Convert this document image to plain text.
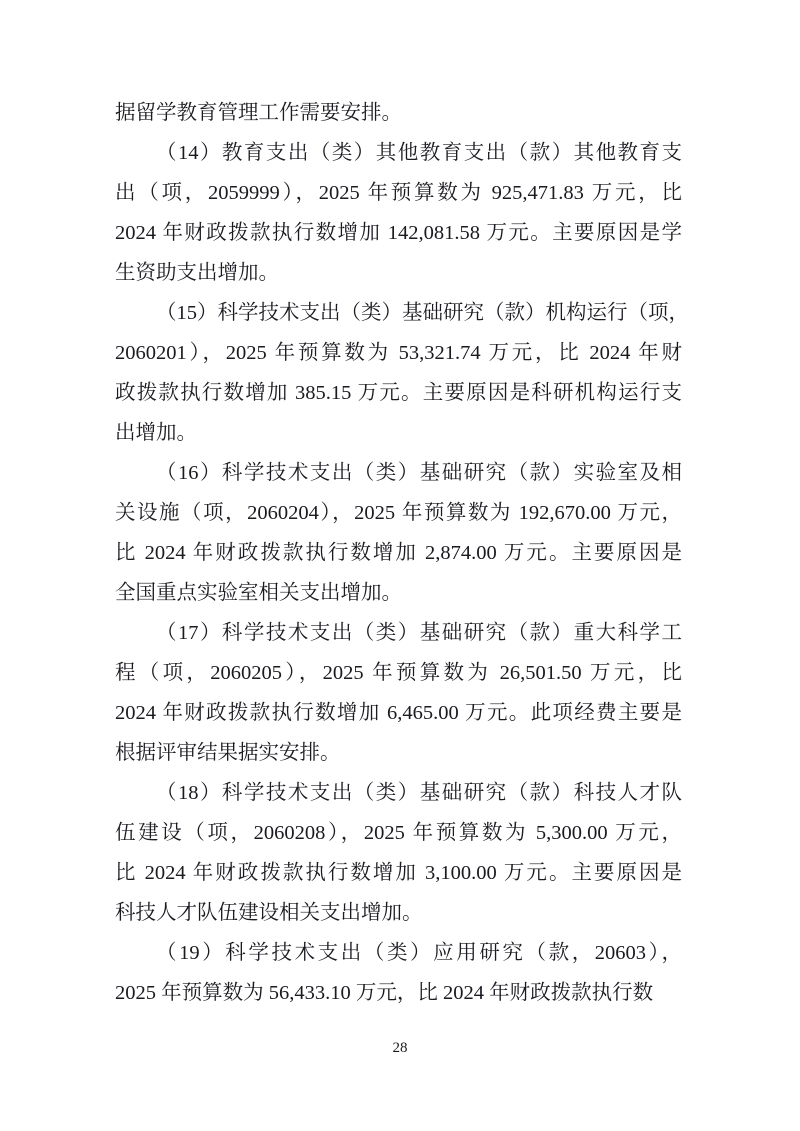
据留学教育管理工作需要安排。
（14）教育支出（类）其他教育支出（款）其他教育支
出（项，2059999），2025 年预算数为 925,471.83 万元，比
2024 年财政拨款执行数增加 142,081.58 万元。主要原因是学
生资助支出增加。
（15）科学技术支出（类）基础研究（款）机构运行（项，
2060201），2025 年预算数为 53,321.74 万元，比 2024 年财
政拨款执行数增加 385.15 万元。主要原因是科研机构运行支
出增加。
（16）科学技术支出（类）基础研究（款）实验室及相
关设施（项，2060204），2025 年预算数为 192,670.00 万元，
比 2024 年财政拨款执行数增加 2,874.00 万元。主要原因是
全国重点实验室相关支出增加。
（17）科学技术支出（类）基础研究（款）重大科学工
程（项，2060205），2025 年预算数为 26,501.50 万元，比
2024 年财政拨款执行数增加 6,465.00 万元。此项经费主要是
根据评审结果据实安排。
（18）科学技术支出（类）基础研究（款）科技人才队
伍建设（项，2060208），2025 年预算数为 5,300.00 万元，
比 2024 年财政拨款执行数增加 3,100.00 万元。主要原因是
科技人才队伍建设相关支出增加。
（19）科学技术支出（类）应用研究（款，20603），
2025 年预算数为 56,433.10 万元，比 2024 年财政拨款执行数
28
